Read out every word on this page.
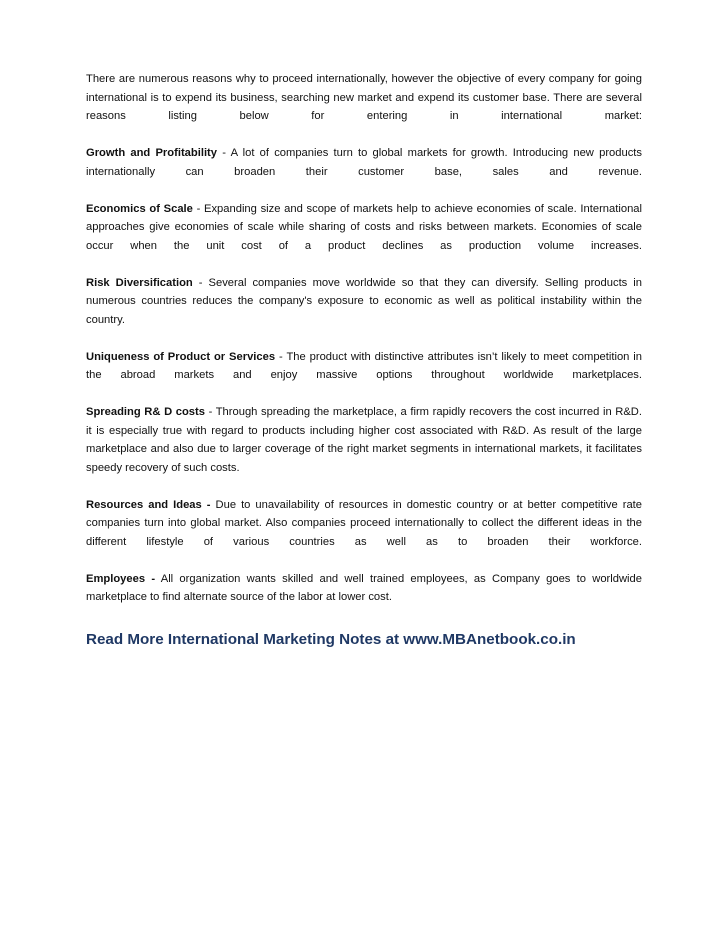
There are numerous reasons why to proceed internationally, however the objective of every company for going international is to expend its business, searching new market and expend its customer base. There are several reasons listing below for entering in international market:

Growth and Profitability - A lot of companies turn to global markets for growth. Introducing new products internationally can broaden their customer base, sales and revenue.

Economics of Scale - Expanding size and scope of markets help to achieve economies of scale. International approaches give economies of scale while sharing of costs and risks between markets. Economies of scale occur when the unit cost of a product declines as production volume increases.

Risk Diversification - Several companies move worldwide so that they can diversify. Selling products in numerous countries reduces the company's exposure to economic as well as political instability within the country.

Uniqueness of Product or Services - The product with distinctive attributes isn’t likely to meet competition in the abroad markets and enjoy massive options throughout worldwide marketplaces.

Spreading R& D costs - Through spreading the marketplace, a firm rapidly recovers the cost incurred in R&D. it is especially true with regard to products including higher cost associated with R&D. As result of the large marketplace and also due to larger coverage of the right market segments in international markets, it facilitates speedy recovery of such costs.

Resources and Ideas - Due to unavailability of resources in domestic country or at better competitive rate companies turn into global market. Also companies proceed internationally to collect the different ideas in the different lifestyle of various countries as well as to broaden their workforce.

Employees - All organization wants skilled and well trained employees, as Company goes to worldwide marketplace to find alternate source of the labor at lower cost.

Read More International Marketing Notes at www.MBAnetbook.co.in
